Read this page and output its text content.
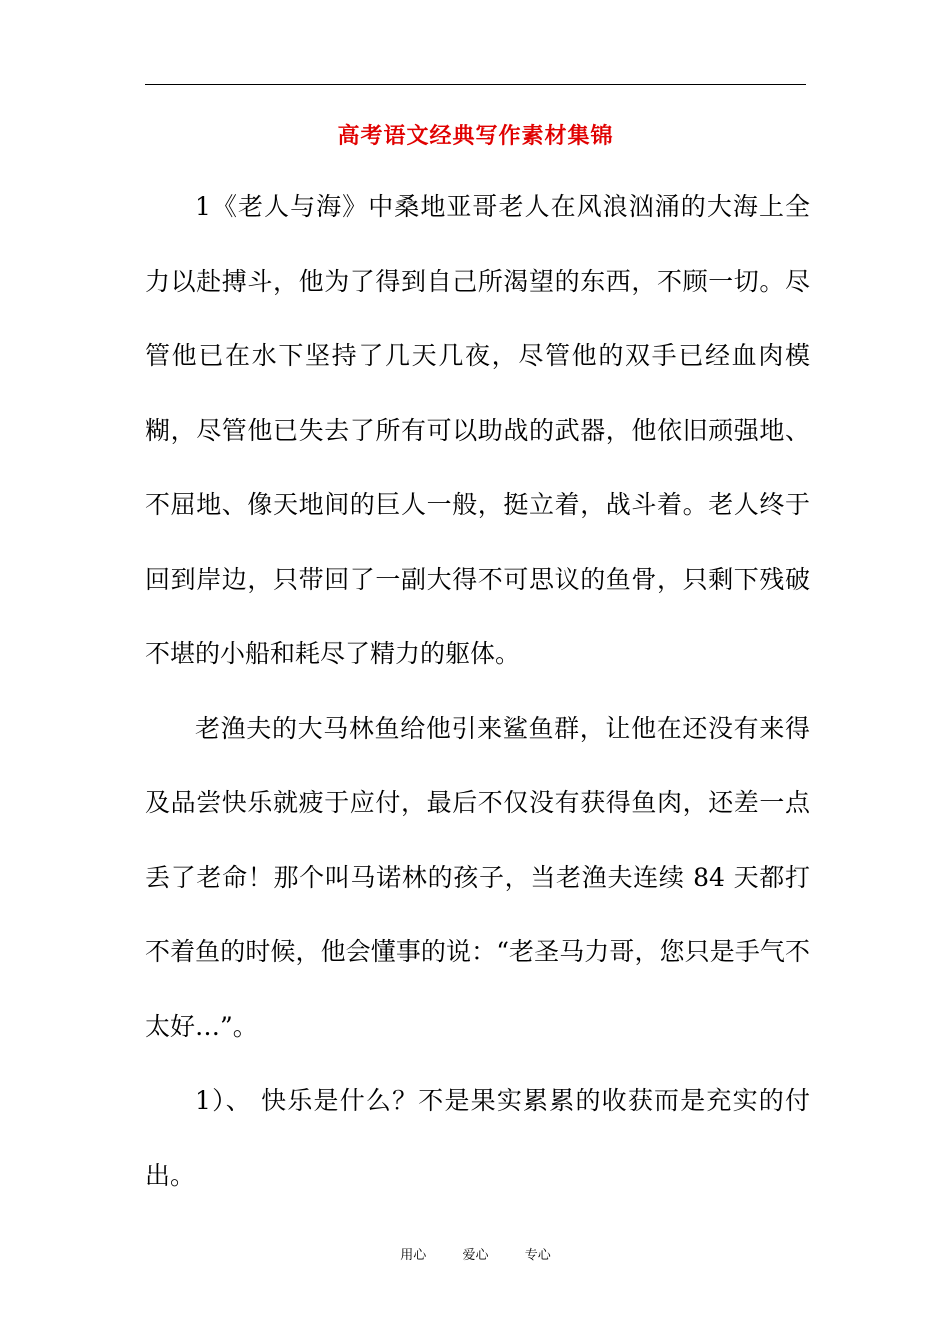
高考语文经典写作素材集锦

1《老人与海》中桑地亚哥老人在风浪汹涌的大海上全力以赴搏斗，他为了得到自己所渴望的东西，不顾一切。尽管他已在水下坚持了几天几夜，尽管他的双手已经血肉模糊，尽管他已失去了所有可以助战的武器，他依旧顽强地、不屈地、像天地间的巨人一般，挺立着，战斗着。老人终于回到岸边，只带回了一副大得不可思议的鱼骨，只剩下残破不堪的小船和耗尽了精力的躯体。

老渔夫的大马林鱼给他引来鲨鱼群，让他在还没有来得及品尝快乐就疲于应付，最后不仅没有获得鱼肉，还差一点丢了老命！那个叫马诺林的孩子，当老渔夫连续 84 天都打不着鱼的时候，他会懂事的说：“老圣马力哥，您只是手气不太好…”。

1）、 快乐是什么？不是果实累累的收获而是充实的付出。

用心  爱心  专心
